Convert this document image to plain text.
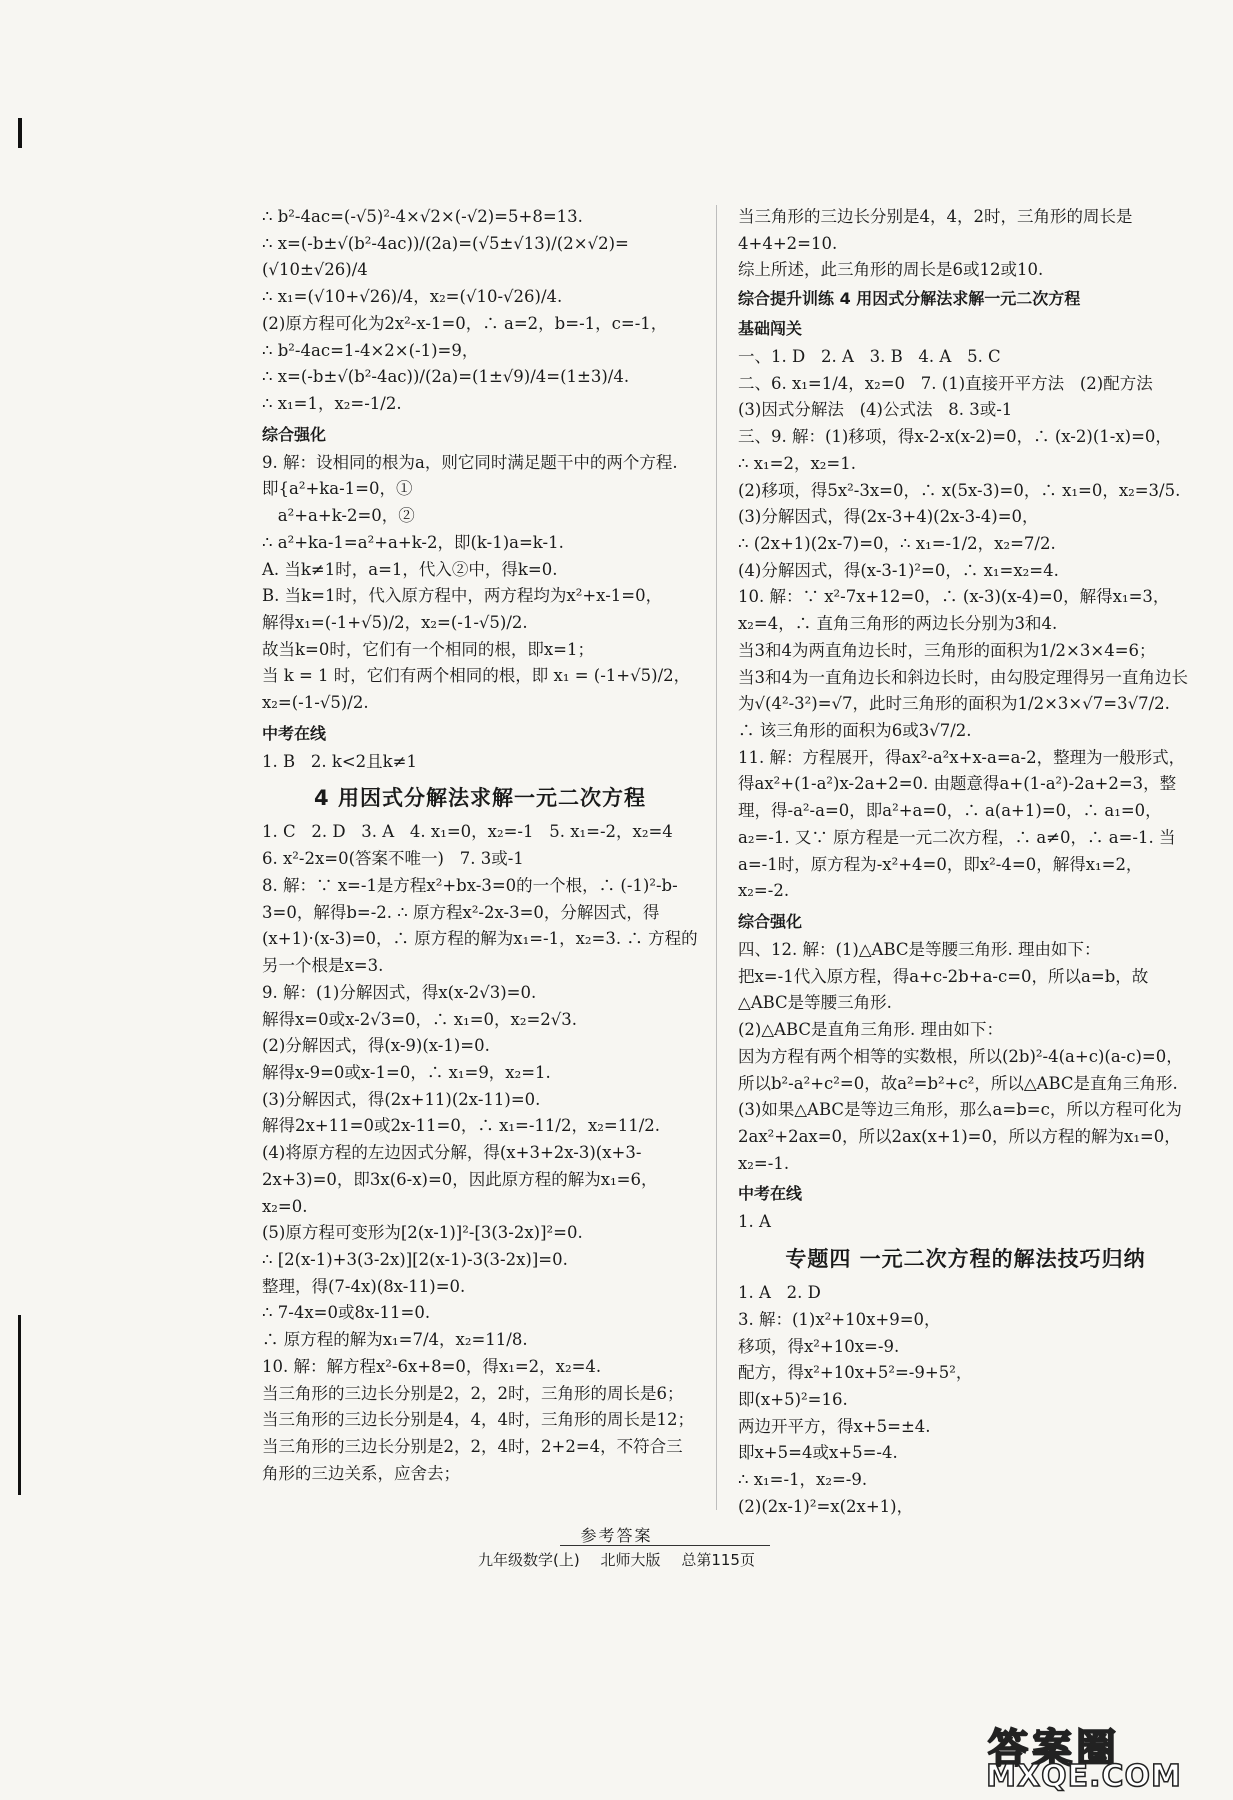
∴ b²-4ac=(-√5)²-4×√2×(-√2)=5+8=13.
∴ x=(-b±√(b²-4ac))/(2a)=(√5±√13)/(2×√2)=(√10±√26)/4
∴ x₁=(√10+√26)/4，x₂=(√10-√26)/4.
(2)原方程可化为2x²-x-1=0，∴ a=2，b=-1，c=-1，
∴ b²-4ac=1-4×2×(-1)=9，
∴ x=(-b±√(b²-4ac))/(2a)=(1±√9)/4=(1±3)/4.
∴ x₁=1，x₂=-1/2.
综合强化
9. 解：设相同的根为a，则它同时满足题干中的两个方程.
即{a²+ka-1=0，①
a²+a+k-2=0，②
∴ a²+ka-1=a²+a+k-2，即(k-1)a=k-1.
A. 当k≠1时，a=1，代入②中，得k=0.
B. 当k=1时，代入原方程中，两方程均为x²+x-1=0，
解得x₁=(-1+√5)/2，x₂=(-1-√5)/2.
故当k=0时，它们有一个相同的根，即x=1；
当 k = 1 时，它们有两个相同的根，即 x₁ = (-1+√5)/2，
x₂=(-1-√5)/2.
中考在线
1. B   2. k<2且k≠1
4 用因式分解法求解一元二次方程
1. C   2. D   3. A   4. x₁=0，x₂=-1   5. x₁=-2，x₂=4
6. x²-2x=0(答案不唯一)   7. 3或-1
8. 解：∵ x=-1是方程x²+bx-3=0的一个根，∴ (-1)²-b-3=0，解得b=-2. ∴ 原方程x²-2x-3=0，分解因式，得(x+1)·(x-3)=0，∴ 原方程的解为x₁=-1，x₂=3. ∴ 方程的另一个根是x=3.
9. 解：(1)分解因式，得x(x-2√3)=0.
解得x=0或x-2√3=0，∴ x₁=0，x₂=2√3.
(2)分解因式，得(x-9)(x-1)=0.
解得x-9=0或x-1=0，∴ x₁=9，x₂=1.
(3)分解因式，得(2x+11)(2x-11)=0.
解得2x+11=0或2x-11=0，∴ x₁=-11/2，x₂=11/2.
(4)将原方程的左边因式分解，得(x+3+2x-3)(x+3-2x+3)=0，即3x(6-x)=0，因此原方程的解为x₁=6，x₂=0.
(5)原方程可变形为[2(x-1)]²-[3(3-2x)]²=0.
∴ [2(x-1)+3(3-2x)][2(x-1)-3(3-2x)]=0.
整理，得(7-4x)(8x-11)=0.
∴ 7-4x=0或8x-11=0.
∴ 原方程的解为x₁=7/4，x₂=11/8.
10. 解：解方程x²-6x+8=0，得x₁=2，x₂=4.
当三角形的三边长分别是2，2，2时，三角形的周长是6；
当三角形的三边长分别是4，4，4时，三角形的周长是12；
当三角形的三边长分别是2，2，4时，2+2=4，不符合三角形的三边关系，应舍去；
当三角形的三边长分别是4，4，2时，三角形的周长是4+4+2=10.
综上所述，此三角形的周长是6或12或10.
综合提升训练 4 用因式分解法求解一元二次方程
基础闯关
一、1. D   2. A   3. B   4. A   5. C
二、6. x₁=1/4，x₂=0   7. (1)直接开平方法   (2)配方法
(3)因式分解法   (4)公式法   8. 3或-1
三、9. 解：(1)移项，得x-2-x(x-2)=0，∴ (x-2)(1-x)=0，
∴ x₁=2，x₂=1.
(2)移项，得5x²-3x=0，∴ x(5x-3)=0，∴ x₁=0，x₂=3/5.
(3)分解因式，得(2x-3+4)(2x-3-4)=0，
∴ (2x+1)(2x-7)=0，∴ x₁=-1/2，x₂=7/2.
(4)分解因式，得(x-3-1)²=0，∴ x₁=x₂=4.
10. 解：∵ x²-7x+12=0，∴ (x-3)(x-4)=0，解得x₁=3，x₂=4，∴ 直角三角形的两边长分别为3和4.
当3和4为两直角边长时，三角形的面积为1/2×3×4=6；
当3和4为一直角边长和斜边长时，由勾股定理得另一直角边长为√(4²-3²)=√7，此时三角形的面积为1/2×3×√7=3√7/2.
∴ 该三角形的面积为6或3√7/2.
11. 解：方程展开，得ax²-a²x+x-a=a-2，整理为一般形式，得ax²+(1-a²)x-2a+2=0. 由题意得a+(1-a²)-2a+2=3，整理，得-a²-a=0，即a²+a=0，∴ a(a+1)=0，∴ a₁=0，a₂=-1. 又∵ 原方程是一元二次方程，∴ a≠0，∴ a=-1. 当a=-1时，原方程为-x²+4=0，即x²-4=0，解得x₁=2，x₂=-2.
综合强化
四、12. 解：(1)△ABC是等腰三角形. 理由如下：
把x=-1代入原方程，得a+c-2b+a-c=0，所以a=b，故△ABC是等腰三角形.
(2)△ABC是直角三角形. 理由如下：
因为方程有两个相等的实数根，所以(2b)²-4(a+c)(a-c)=0，所以b²-a²+c²=0，故a²=b²+c²，所以△ABC是直角三角形.
(3)如果△ABC是等边三角形，那么a=b=c，所以方程可化为2ax²+2ax=0，所以2ax(x+1)=0，所以方程的解为x₁=0，x₂=-1.
中考在线
1. A
专题四 一元二次方程的解法技巧归纳
1. A   2. D
3. 解：(1)x²+10x+9=0，
移项，得x²+10x=-9.
配方，得x²+10x+5²=-9+5²，
即(x+5)²=16.
两边开平方，得x+5=±4.
即x+5=4或x+5=-4.
∴ x₁=-1，x₂=-9.
(2)(2x-1)²=x(2x+1)，
参考答案
九年级数学(上) 北师大版 总第115页
答案圈
MXQE.COM
